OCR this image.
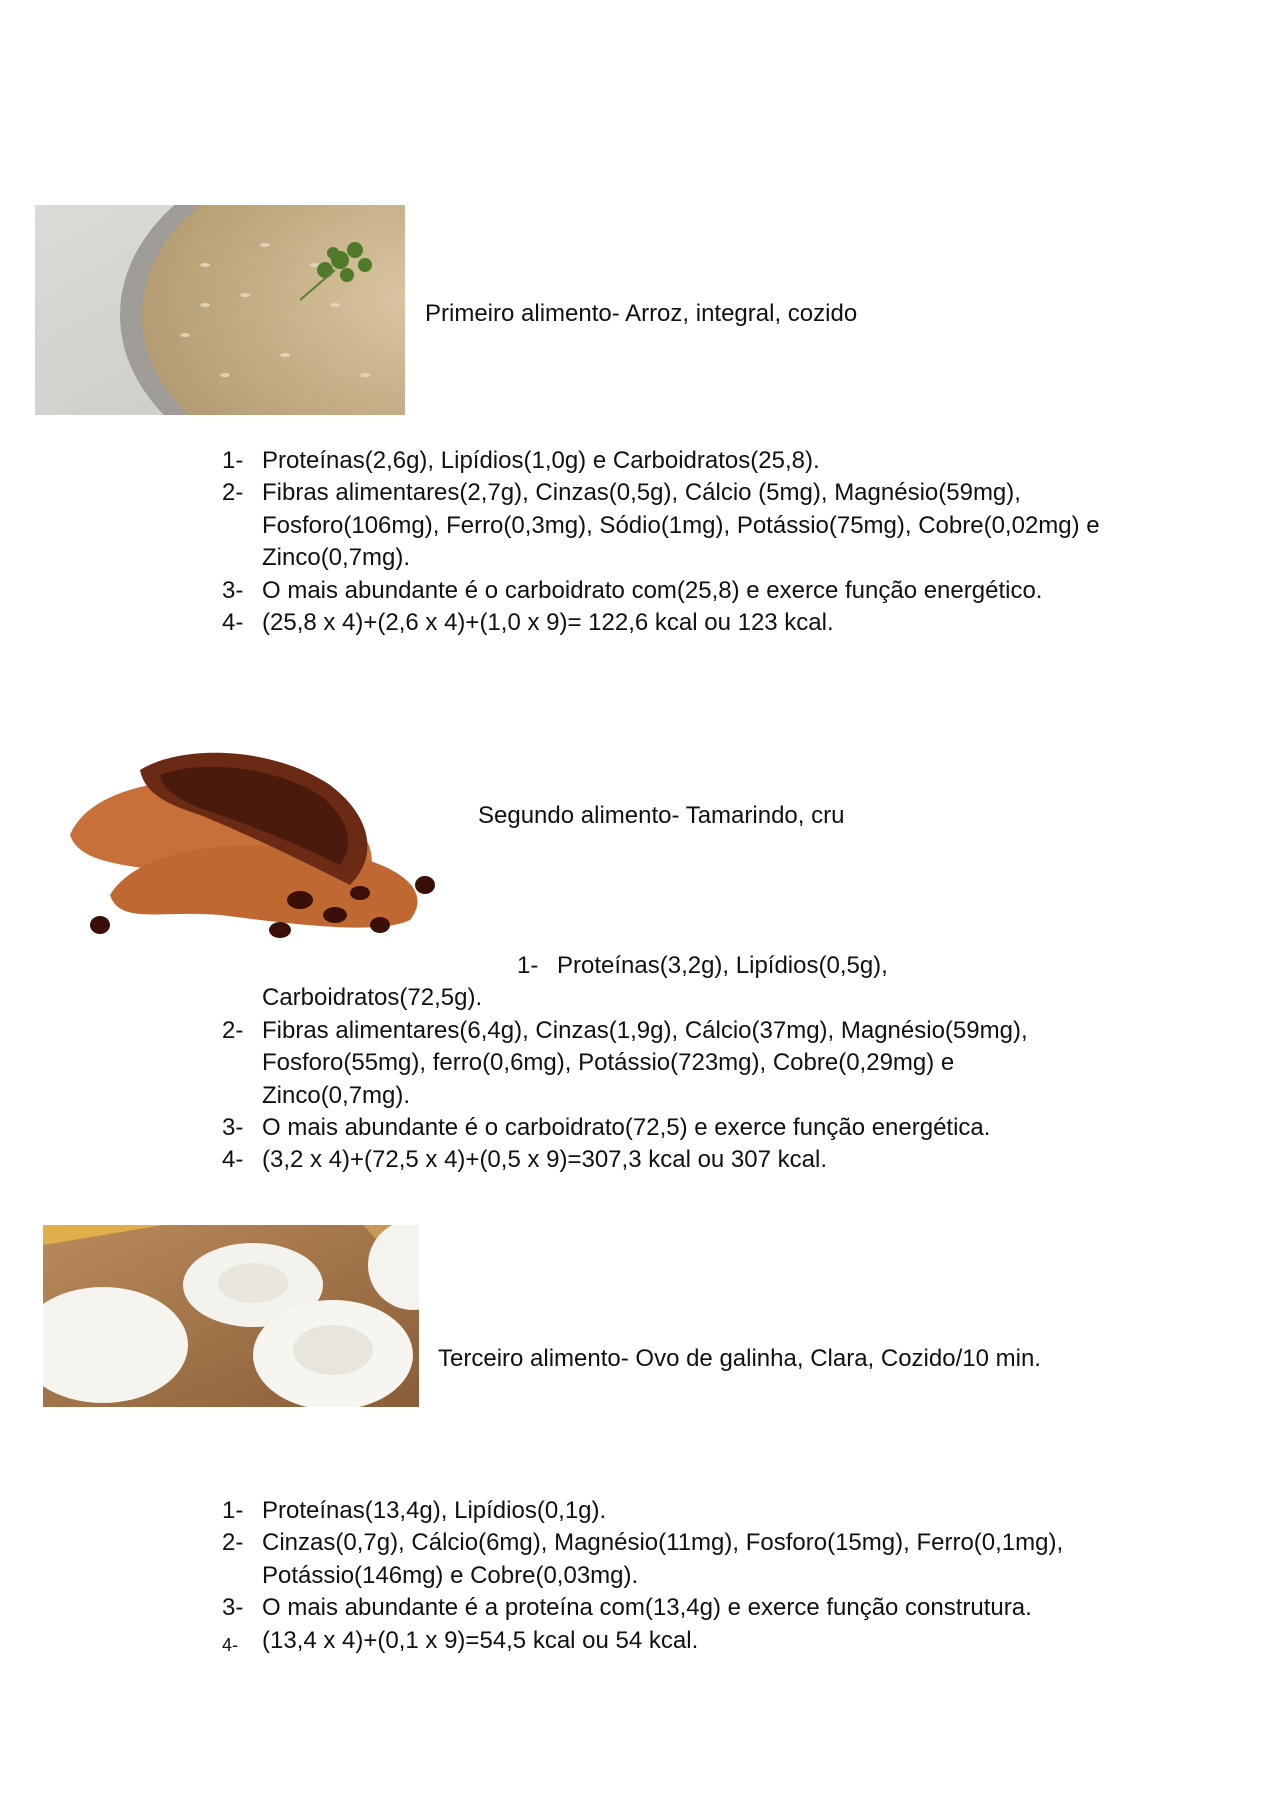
Primeiro alimento- Arroz, integral, cozido

1- Proteínas(2,6g), Lipídios(1,0g) e Carboidratos(25,8).

2- Fibras alimentares(2,7g), Cinzas(0,5g), Cálcio (5mg), Magnésio(59mg), Fosforo(106mg), Ferro(0,3mg), Sódio(1mg), Potássio(75mg), Cobre(0,02mg) e Zinco(0,7mg).

3- O mais abundante é o carboidrato com(25,8) e exerce função energético.

4- (25,8 x 4)+(2,6 x 4)+(1,0 x 9)= 122,6 kcal ou 123 kcal.

Segundo alimento- Tamarindo, cru
1- Proteínas(3,2g), Lipídios(0,5g),

Carboidratos(72,5g).

2- Fibras alimentares(6,4g), Cinzas(1,9g), Cálcio(37mg), Magnésio(59mg), Fosforo(55mg), ferro(0,6mg), Potássio(723mg), Cobre(0,29mg) e Zinco(0,7mg).

3- O mais abundante é o carboidrato(72,5) e exerce função energética.

4- (3,2 x 4)+(72,5 x 4)+(0,5 x 9)=307,3 kcal ou 307 kcal.

Terceiro alimento- Ovo de galinha, Clara, Cozido/10 min.

1- Proteínas(13,4g), Lipídios(0,1g).

2- Cinzas(0,7g), Cálcio(6mg), Magnésio(11mg), Fosforo(15mg), Ferro(0,1mg), Potássio(146mg) e Cobre(0,03mg).

3- O mais abundante é a proteína com(13,4g) e exerce função construtura.

4- (13,4 x 4)+(0,1 x 9)=54,5 kcal ou 54 kcal.
